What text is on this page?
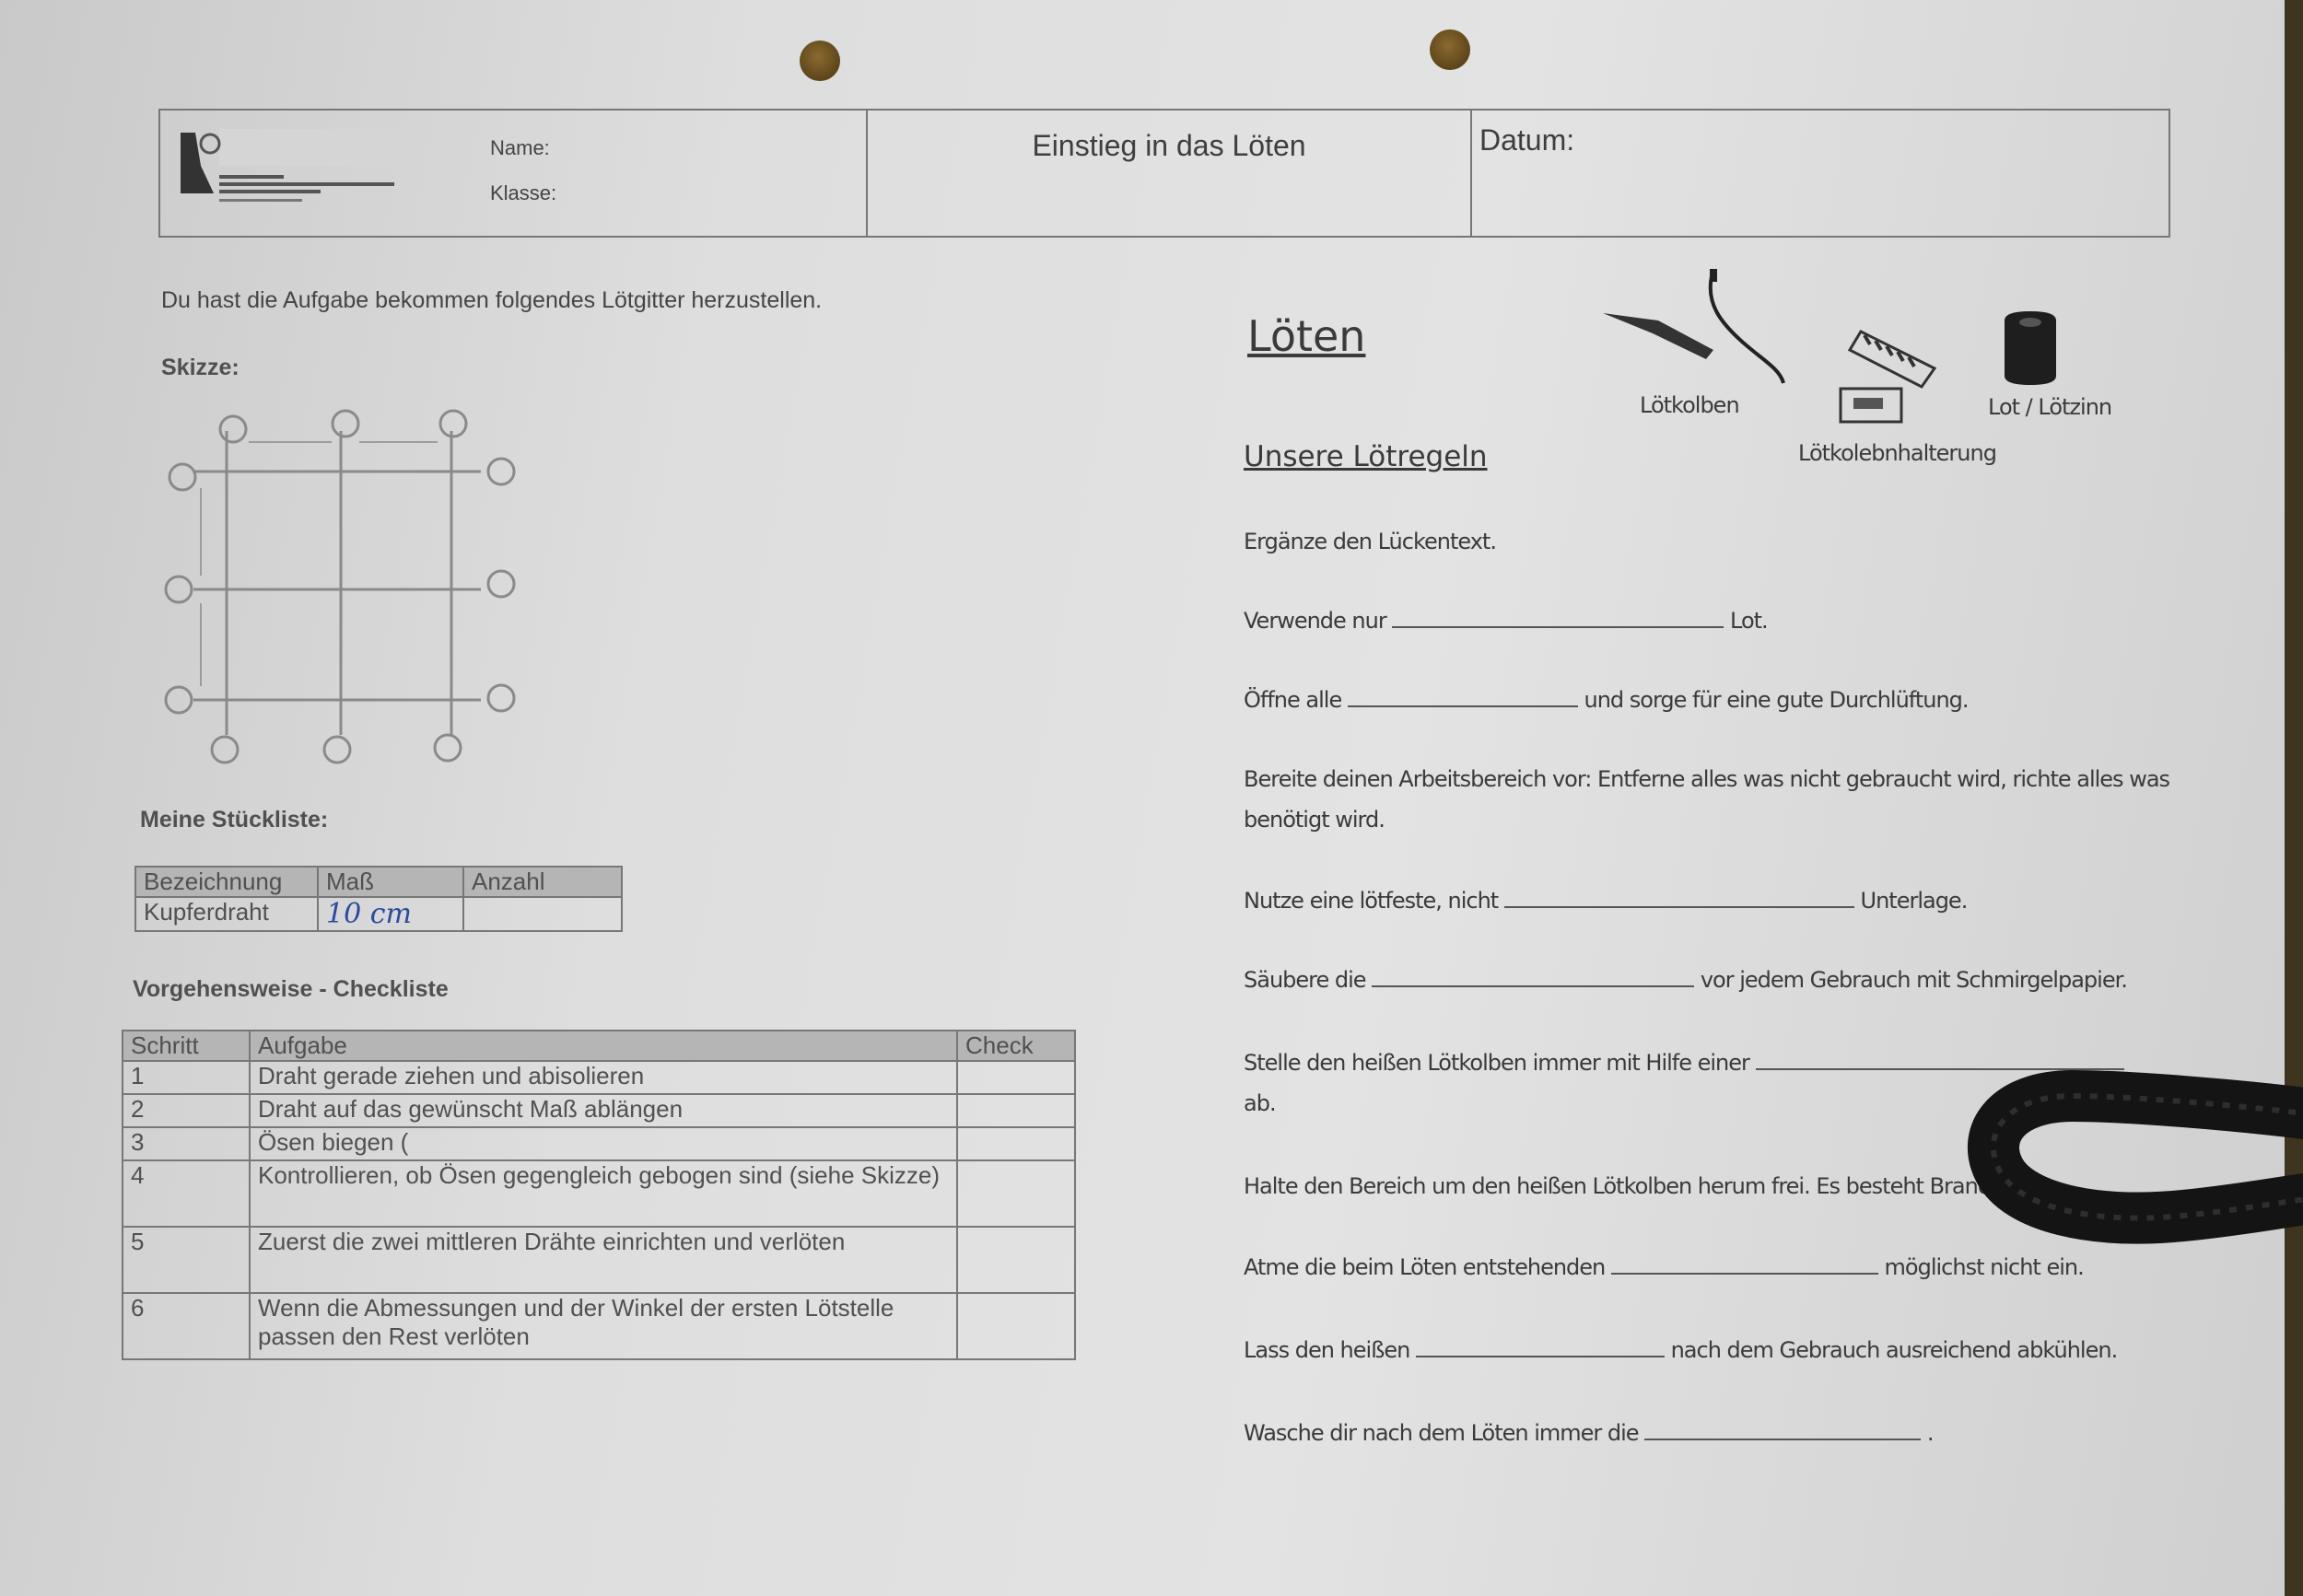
Name:
Klasse:
Einstieg in das Löten	Datum:
Du hast die Aufgabe bekommen folgendes Lötgitter herzustellen.
Skizze:
Meine Stückliste:
Bezeichnung	Maß	Anzahl
Kupferdraht	10 cm	
Vorgehensweise - Checkliste
Schritt	Aufgabe	Check
1	Draht gerade ziehen und abisolieren	
2	Draht auf das gewünscht Maß ablängen	
3	Ösen biegen (	
4	Kontrollieren, ob Ösen gegengleich gebogen sind (siehe Skizze)	
5	Zuerst die zwei mittleren Drähte einrichten und verlöten	
6	Wenn die Abmessungen und der Winkel der ersten Lötstelle passen den Rest verlöten	
Löten
Lötkolben
Lötkolebnhalterung
Lot / Lötzinn
Unsere Lötregeln
Ergänze den Lückentext.
Verwende nur	Lot.
Öffne alle	und sorge für eine gute Durchlüftung.
Bereite deinen Arbeitsbereich vor: Entferne alles was nicht gebraucht wird, richte alles was
benötigt wird.
Nutze eine lötfeste, nicht	Unterlage.
Säubere die	vor jedem Gebrauch mit Schmirgelpapier.
Stelle den heißen Lötkolben immer mit Hilfe einer
ab.
Halte den Bereich um den heißen Lötkolben herum frei. Es besteht Brandge
Atme die beim Löten entstehenden	möglichst nicht ein.
Lass den heißen	nach dem Gebrauch ausreichend abkühlen.
Wasche dir nach dem Löten immer die	.
